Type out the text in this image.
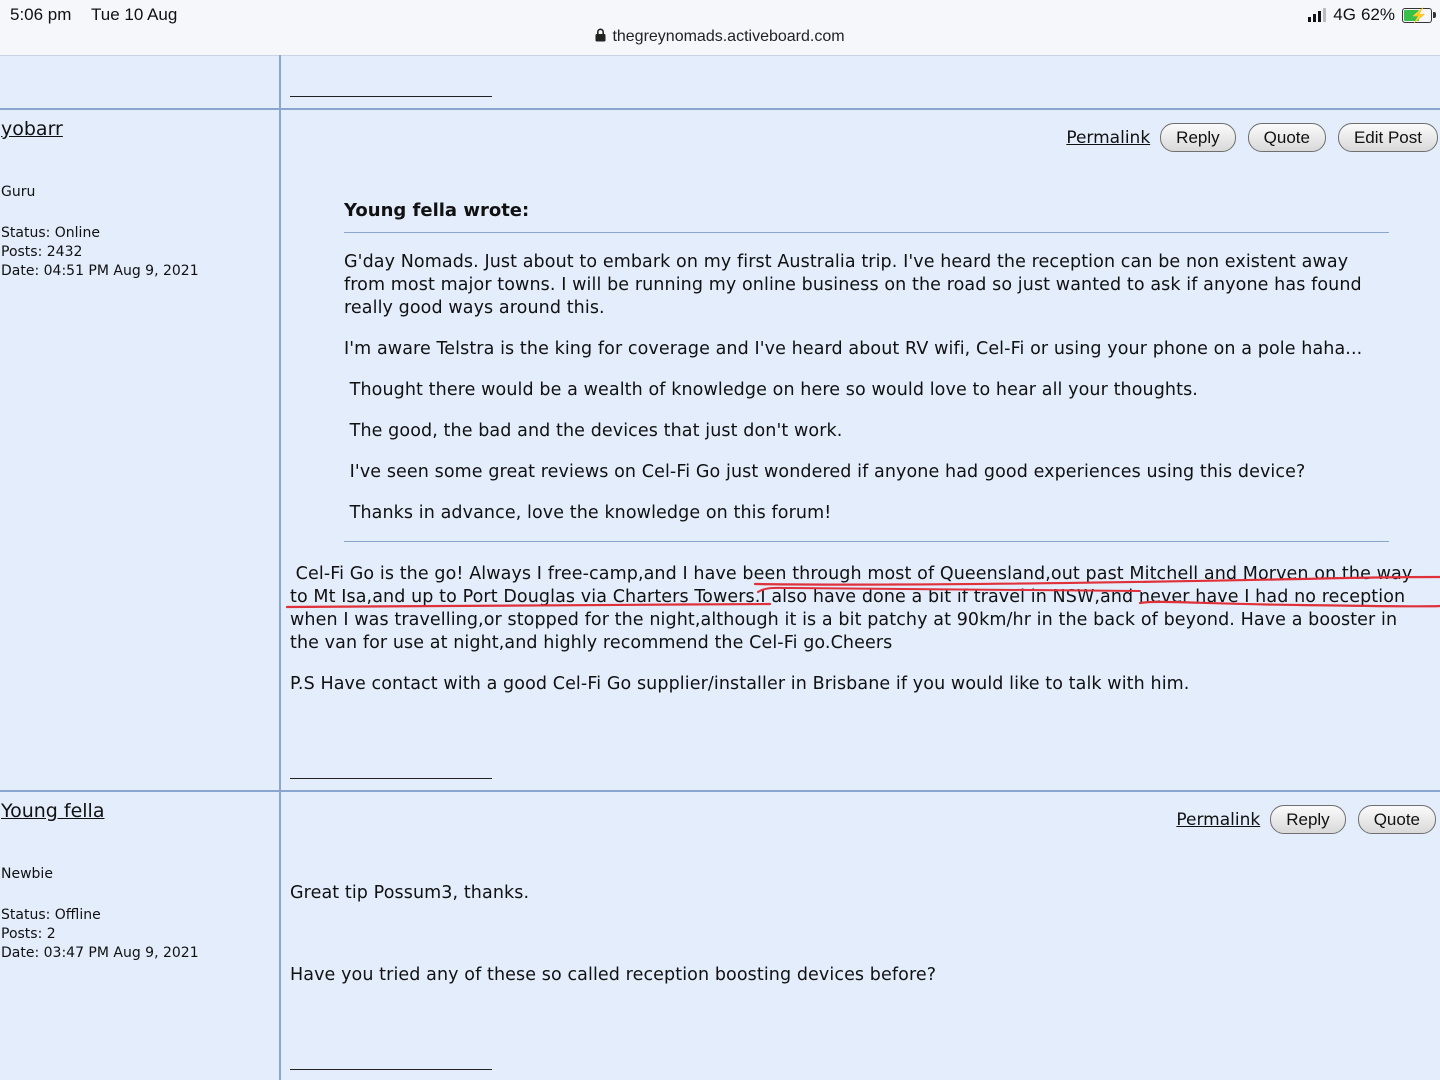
5:06 pm Tue 10 Aug
thegreynomads.activeboard.com
4G 62% ⚡
yobarr
Guru
Status: Online
Posts: 2432
Date: 04:51 PM Aug 9, 2021
Permalink	Reply	Quote	Edit Post

Young fella wrote:

G'day Nomads. Just about to embark on my first Australia trip. I've heard the reception can be non existent away from most major towns. I will be running my online business on the road so just wanted to ask if anyone has found really good ways around this.

I'm aware Telstra is the king for coverage and I've heard about RV wifi, Cel-Fi or using your phone on a pole haha...

Thought there would be a wealth of knowledge on here so would love to hear all your thoughts.

The good, the bad and the devices that just don't work.

I've seen some great reviews on Cel-Fi Go just wondered if anyone had good experiences using this device?

Thanks in advance, love the knowledge on this forum!

Cel-Fi Go is the go! Always I free-camp,and I have been through most of Queensland,out past Mitchell and Morven on the way to Mt Isa,and up to Port Douglas via Charters Towers.I also have done a bit if travel in NSW,and never have I had no reception when I was travelling,or stopped for the night,although it is a bit patchy at 90km/hr in the back of beyond. Have a booster in the van for use at night,and highly recommend the Cel-Fi go.Cheers

P.S Have contact with a good Cel-Fi Go supplier/installer in Brisbane if you would like to talk with him.

Young fella
Newbie
Status: Offline
Posts: 2
Date: 03:47 PM Aug 9, 2021
Permalink	Reply	Quote

Great tip Possum3, thanks.

Have you tried any of these so called reception boosting devices before?
